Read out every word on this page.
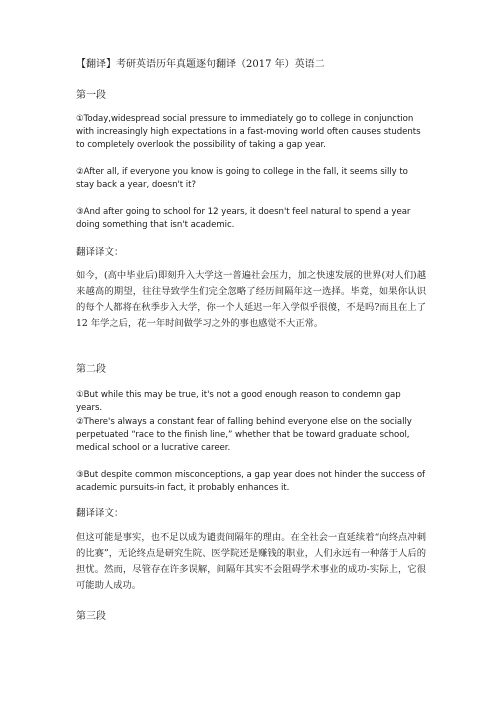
【翻译】考研英语历年真题逐句翻译（2017 年）英语二
第一段
①Today,widespread social pressure to immediately go to college in conjunction with increasingly high expectations in a fast-moving world often causes students to completely overlook the possibility of taking a gap year.
②After all, if everyone you know is going to college in the fall, it seems silly to stay back a year, doesn't it?
③And after going to school for 12 years, it doesn't feel natural to spend a year doing something that isn't academic.
翻译译文：
如今，(高中毕业后)即刻升入大学这一普遍社会压力，加之快速发展的世界(对人们)越来越高的期望，往往导致学生们完全忽略了经历间隔年这一选择。毕竟，如果你认识的每个人都将在秋季步入大学，你一个人延迟一年入学似乎很傻，不是吗?而且在上了 12 年学之后，花一年时间做学习之外的事也感觉不大正常。
第二段
①But while this may be true, it's not a good enough reason to condemn gap years.
②There's always a constant fear of falling behind everyone else on the socially perpetuated “race to the finish line,” whether that be toward graduate school, medical school or a lucrative career.
③But despite common misconceptions, a gap year does not hinder the success of academic pursuits-in fact, it probably enhances it.
翻译译文：
但这可能是事实，也不足以成为谴责间隔年的理由。在全社会一直延续着“向终点冲刺的比赛”，无论终点是研究生院、医学院还是赚钱的职业，人们永远有一种落于人后的担忧。然而，尽管存在许多误解，间隔年其实不会阻碍学术事业的成功-实际上，它很可能助人成功。
第三段
